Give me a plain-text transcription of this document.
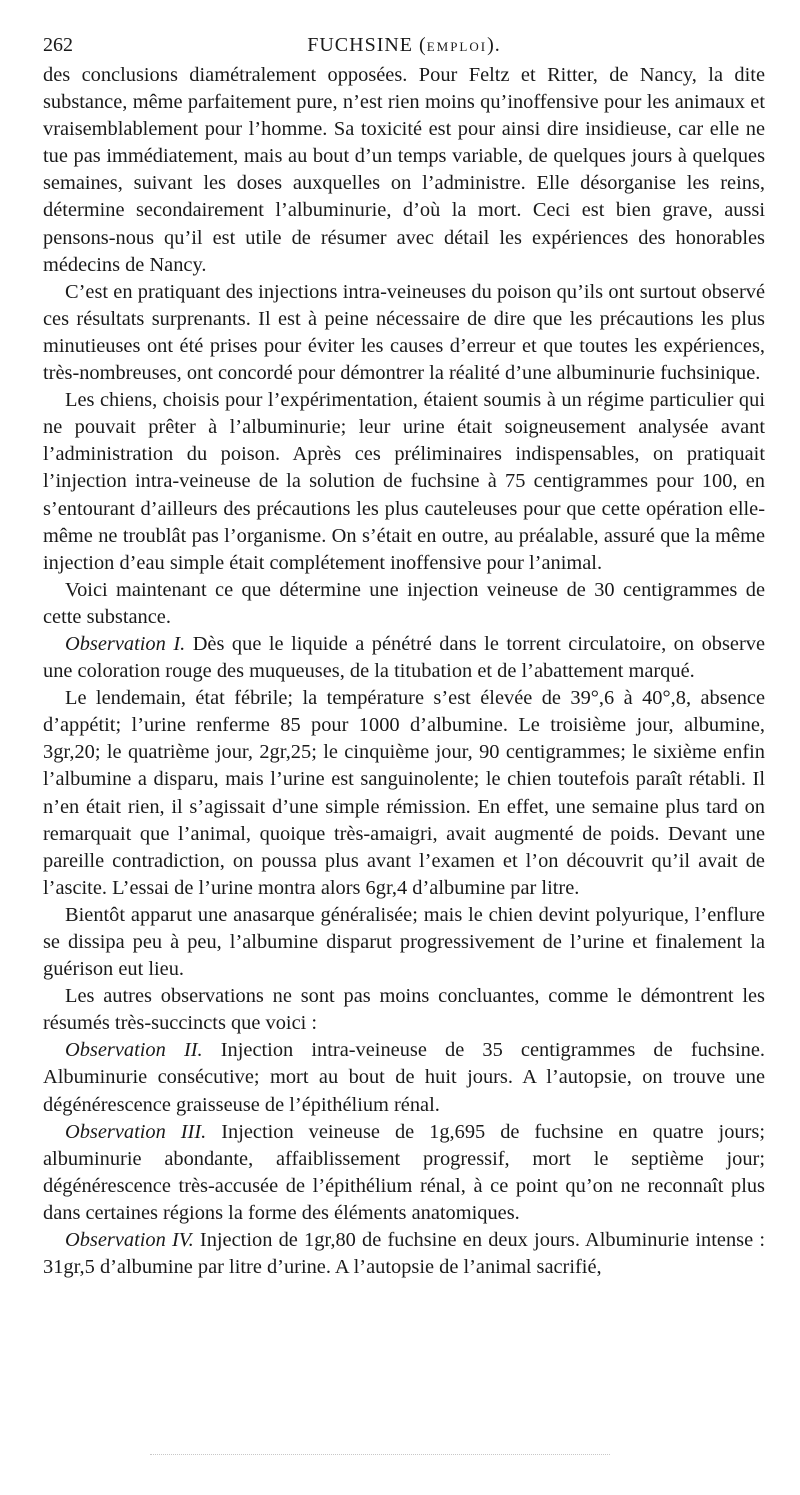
262	FUCHSINE (EMPLOI).

des conclusions diamétralement opposées. Pour Feltz et Ritter, de Nancy, la dite substance, même parfaitement pure, n’est rien moins qu’inoffensive pour les animaux et vraisemblablement pour l’homme. Sa toxicité est pour ainsi dire insidieuse, car elle ne tue pas immédiatement, mais au bout d’un temps variable, de quelques jours à quelques semaines, suivant les doses auxquelles on l’administre. Elle désorganise les reins, détermine secondairement l’albuminurie, d’où la mort. Ceci est bien grave, aussi pensons-nous qu’il est utile de résumer avec détail les expériences des honorables médecins de Nancy.

C’est en pratiquant des injections intra-veineuses du poison qu’ils ont surtout observé ces résultats surprenants. Il est à peine nécessaire de dire que les précautions les plus minutieuses ont été prises pour éviter les causes d’erreur et que toutes les expériences, très-nombreuses, ont concordé pour démontrer la réalité d’une albuminurie fuchsinique.

Les chiens, choisis pour l’expérimentation, étaient soumis à un régime particulier qui ne pouvait prêter à l’albuminurie; leur urine était soigneusement analysée avant l’administration du poison. Après ces préliminaires indispensables, on pratiquait l’injection intra-veineuse de la solution de fuchsine à 75 centigrammes pour 100, en s’entourant d’ailleurs des précautions les plus cauteleuses pour que cette opération elle-même ne troublât pas l’organisme. On s’était en outre, au préalable, assuré que la même injection d’eau simple était complétement inoffensive pour l’animal.

Voici maintenant ce que détermine une injection veineuse de 30 centigrammes de cette substance.

Observation I. Dès que le liquide a pénétré dans le torrent circulatoire, on observe une coloration rouge des muqueuses, de la titubation et de l’abattement marqué.

Le lendemain, état fébrile; la température s’est élevée de 39°,6 à 40°,8, absence d’appétit; l’urine renferme 85 pour 1000 d’albumine. Le troisième jour, albumine, 3gr,20; le quatrième jour, 2gr,25; le cinquième jour, 90 centigrammes; le sixième enfin l’albumine a disparu, mais l’urine est sanguinolente; le chien toutefois paraît rétabli. Il n’en était rien, il s’agissait d’une simple rémission. En effet, une semaine plus tard on remarquait que l’animal, quoique très-amaigri, avait augmenté de poids. Devant une pareille contradiction, on poussa plus avant l’examen et l’on découvrit qu’il avait de l’ascite. L’essai de l’urine montra alors 6gr,4 d’albumine par litre.

Bientôt apparut une anasarque généralisée; mais le chien devint polyurique, l’enflure se dissipa peu à peu, l’albumine disparut progressivement de l’urine et finalement la guérison eut lieu.

Les autres observations ne sont pas moins concluantes, comme le démontrent les résumés très-succincts que voici :

Observation II. Injection intra-veineuse de 35 centigrammes de fuchsine. Albuminurie consécutive; mort au bout de huit jours. A l’autopsie, on trouve une dégénérescence graisseuse de l’épithélium rénal.

Observation III. Injection veineuse de 1g,695 de fuchsine en quatre jours; albuminurie abondante, affaiblissement progressif, mort le septième jour; dégénérescence très-accusée de l’épithélium rénal, à ce point qu’on ne reconnaît plus dans certaines régions la forme des éléments anatomiques.

Observation IV. Injection de 1gr,80 de fuchsine en deux jours. Albuminurie intense : 31gr,5 d’albumine par litre d’urine. A l’autopsie de l’animal sacrifié,
